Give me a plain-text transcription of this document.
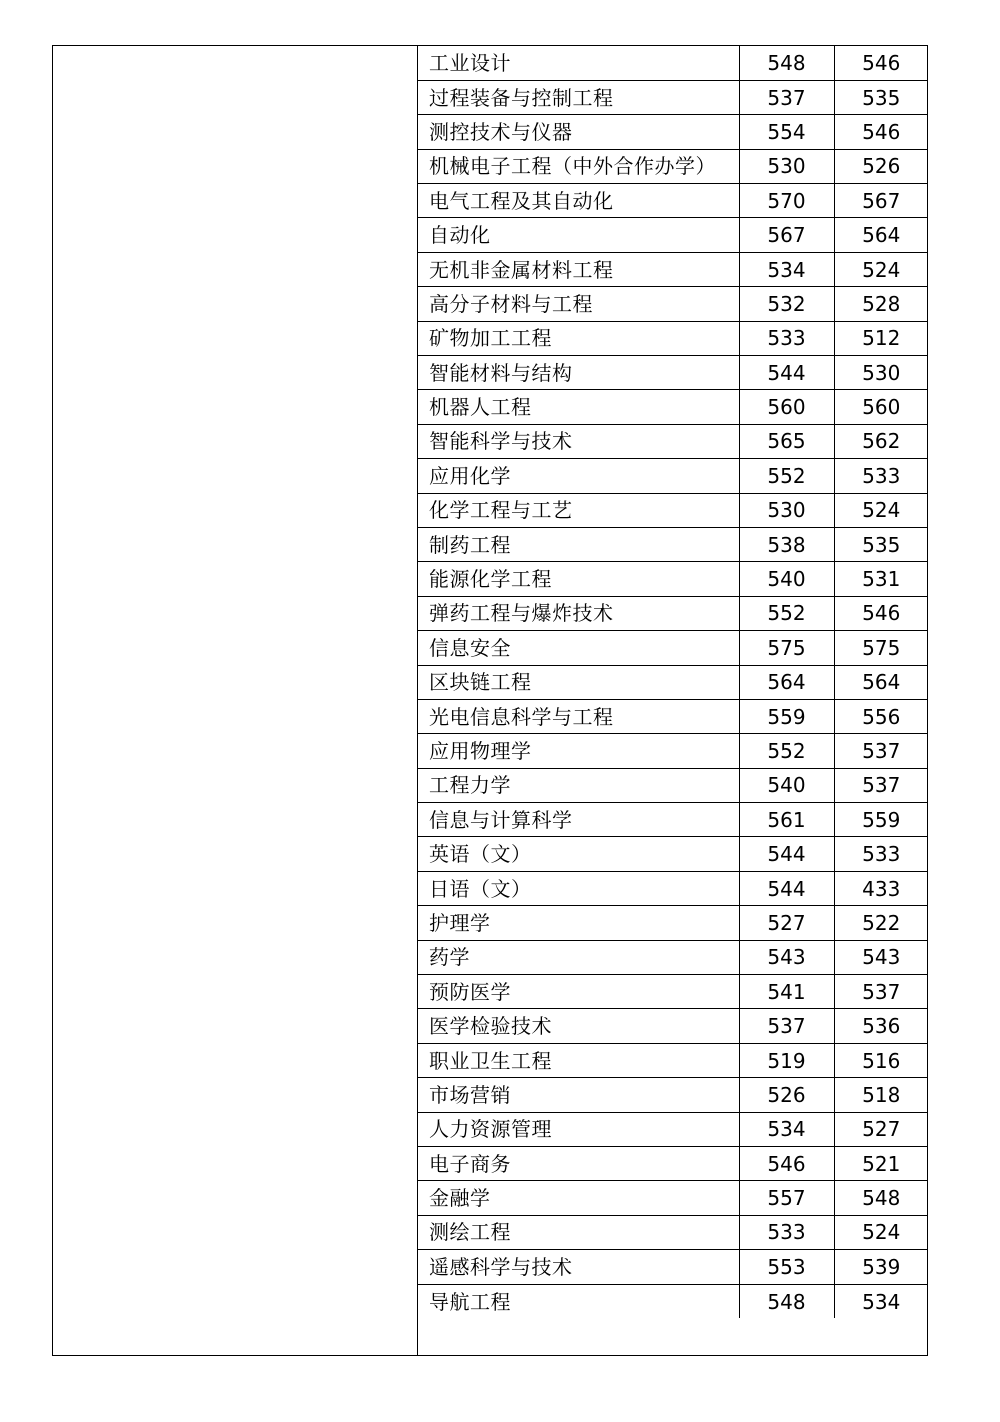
工业设计	548	546
过程装备与控制工程	537	535
测控技术与仪器	554	546
机械电子工程（中外合作办学）	530	526
电气工程及其自动化	570	567
自动化	567	564
无机非金属材料工程	534	524
高分子材料与工程	532	528
矿物加工工程	533	512
智能材料与结构	544	530
机器人工程	560	560
智能科学与技术	565	562
应用化学	552	533
化学工程与工艺	530	524
制药工程	538	535
能源化学工程	540	531
弹药工程与爆炸技术	552	546
信息安全	575	575
区块链工程	564	564
光电信息科学与工程	559	556
应用物理学	552	537
工程力学	540	537
信息与计算科学	561	559
英语（文）	544	533
日语（文）	544	433
护理学	527	522
药学	543	543
预防医学	541	537
医学检验技术	537	536
职业卫生工程	519	516
市场营销	526	518
人力资源管理	534	527
电子商务	546	521
金融学	557	548
测绘工程	533	524
遥感科学与技术	553	539
导航工程	548	534
